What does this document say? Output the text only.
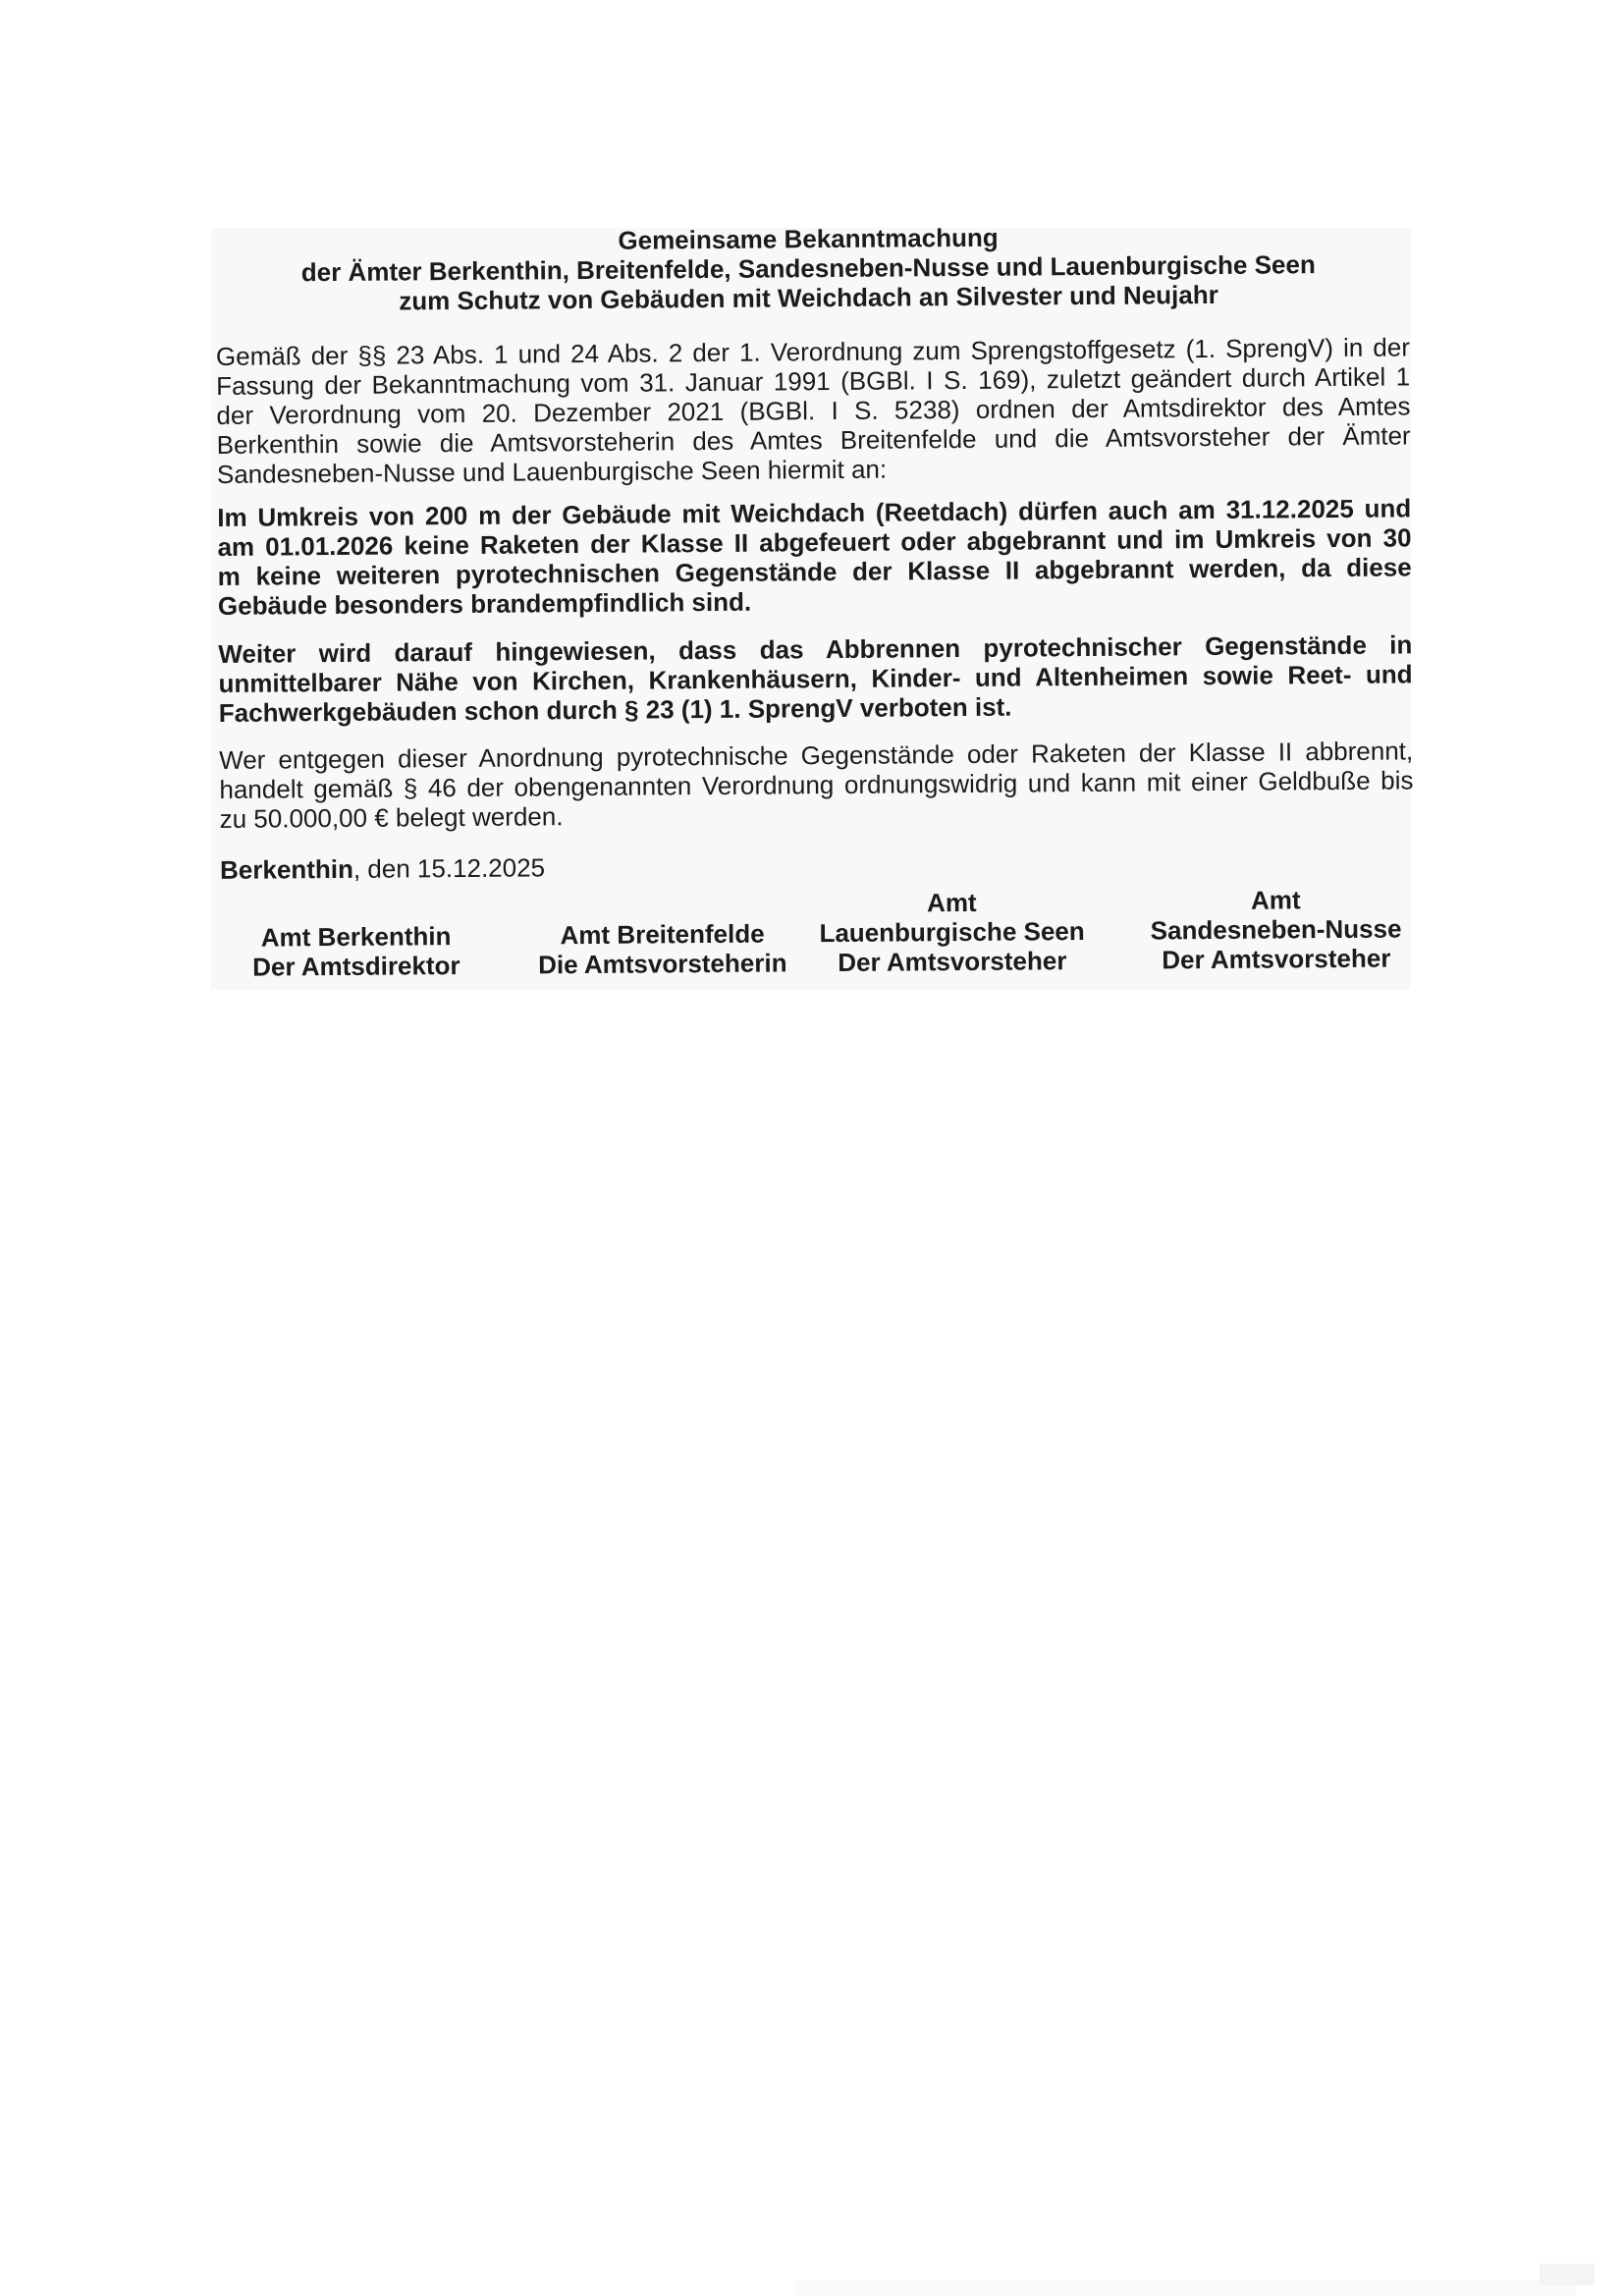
Gemeinsame Bekanntmachung
der Ämter Berkenthin, Breitenfelde, Sandesneben-Nusse und Lauenburgische Seen
zum Schutz von Gebäuden mit Weichdach an Silvester und Neujahr
Gemäß der §§ 23 Abs. 1 und 24 Abs. 2 der 1. Verordnung zum Sprengstoffgesetz (1. SprengV) in der
Fassung der Bekanntmachung vom 31. Januar 1991 (BGBl. I S. 169), zuletzt geändert durch Artikel 1
der Verordnung vom 20. Dezember 2021 (BGBl. I S. 5238) ordnen der Amtsdirektor des Amtes
Berkenthin sowie die Amtsvorsteherin des Amtes Breitenfelde und die Amtsvorsteher der Ämter
Sandesneben-Nusse und Lauenburgische Seen hiermit an:
Im Umkreis von 200 m der Gebäude mit Weichdach (Reetdach) dürfen auch am 31.12.2025 und
am 01.01.2026 keine Raketen der Klasse II abgefeuert oder abgebrannt und im Umkreis von 30
m keine weiteren pyrotechnischen Gegenstände der Klasse II abgebrannt werden, da diese
Gebäude besonders brandempfindlich sind.
Weiter wird darauf hingewiesen, dass das Abbrennen pyrotechnischer Gegenstände in
unmittelbarer Nähe von Kirchen, Krankenhäusern, Kinder- und Altenheimen sowie Reet- und
Fachwerkgebäuden schon durch § 23 (1) 1. SprengV verboten ist.
Wer entgegen dieser Anordnung pyrotechnische Gegenstände oder Raketen der Klasse II abbrennt,
handelt gemäß § 46 der obengenannten Verordnung ordnungswidrig und kann mit einer Geldbuße bis
zu 50.000,00 € belegt werden.
Berkenthin, den 15.12.2025
Amt Berkenthin
Der Amtsdirektor
Amt Breitenfelde
Die Amtsvorsteherin
Amt
Lauenburgische Seen
Der Amtsvorsteher
Amt
Sandesneben-Nusse
Der Amtsvorsteher
